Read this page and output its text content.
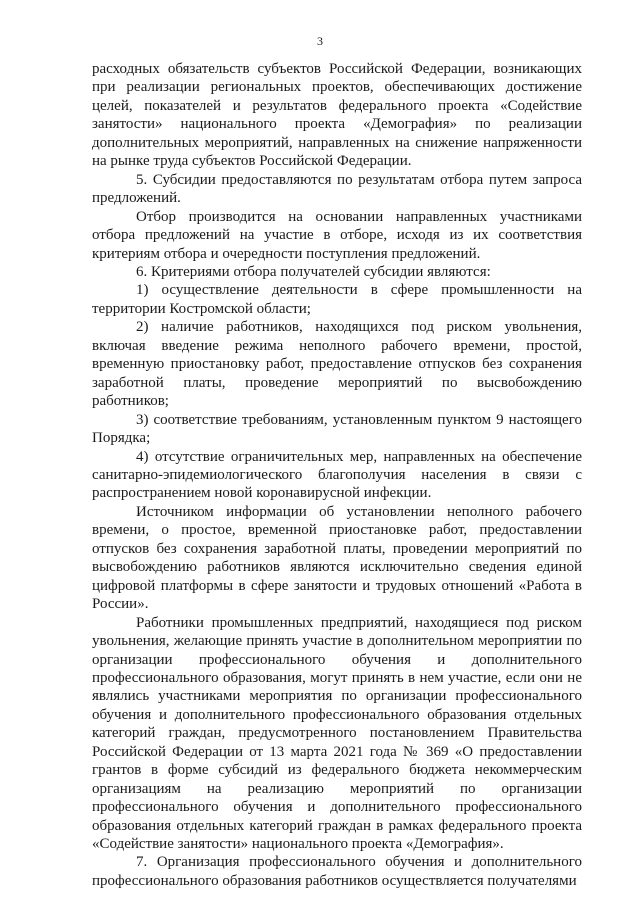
3

расходных обязательств субъектов Российской Федерации, возникающих при реализации региональных проектов, обеспечивающих достижение целей, показателей и результатов федерального проекта «Содействие занятости» национального проекта «Демография» по реализации дополнительных мероприятий, направленных на снижение напряженности на рынке труда субъектов Российской Федерации.

5. Субсидии предоставляются по результатам отбора путем запроса предложений.

Отбор производится на основании направленных участниками отбора предложений на участие в отборе, исходя из их соответствия критериям отбора и очередности поступления предложений.

6. Критериями отбора получателей субсидии являются:

1) осуществление деятельности в сфере промышленности на территории Костромской области;

2) наличие работников, находящихся под риском увольнения, включая введение режима неполного рабочего времени, простой, временную приостановку работ, предоставление отпусков без сохранения заработной платы, проведение мероприятий по высвобождению работников;

3) соответствие требованиям, установленным пунктом 9 настоящего Порядка;

4) отсутствие ограничительных мер, направленных на обеспечение санитарно-эпидемиологического благополучия населения в связи с распространением новой коронавирусной инфекции.

Источником информации об установлении неполного рабочего времени, о простое, временной приостановке работ, предоставлении отпусков без сохранения заработной платы, проведении мероприятий по высвобождению работников являются исключительно сведения единой цифровой платформы в сфере занятости и трудовых отношений «Работа в России».

Работники промышленных предприятий, находящиеся под риском увольнения, желающие принять участие в дополнительном мероприятии по организации профессионального обучения и дополнительного профессионального образования, могут принять в нем участие, если они не являлись участниками мероприятия по организации профессионального обучения и дополнительного профессионального образования отдельных категорий граждан, предусмотренного постановлением Правительства Российской Федерации от 13 марта 2021 года № 369 «О предоставлении грантов в форме субсидий из федерального бюджета некоммерческим организациям на реализацию мероприятий по организации профессионального обучения и дополнительного профессионального образования отдельных категорий граждан в рамках федерального проекта «Содействие занятости» национального проекта «Демография».

7. Организация профессионального обучения и дополнительного профессионального образования работников осуществляется получателями
